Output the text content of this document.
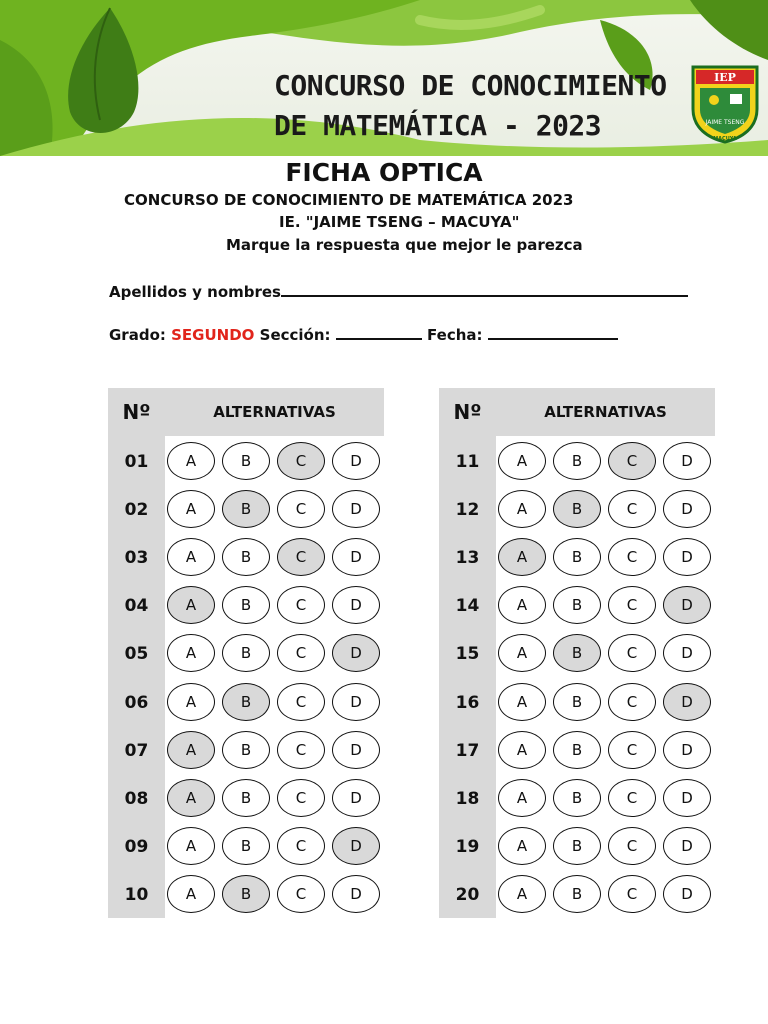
CONCURSO DE CONOCIMIENTO
DE MATEMÁTICA - 2023
IEP
JAIME TSENG
MACUYA
FICHA OPTICA
CONCURSO DE CONOCIMIENTO DE MATEMÁTICA 2023
IE. "JAIME TSENG – MACUYA"
Marque la respuesta que mejor le parezca
Apellidos y nombres
Grado: SEGUNDO Sección:	Fecha:
Nº	ALTERNATIVAS
01	A	B	C	D
02	A	B	C	D
03	A	B	C	D
04	A	B	C	D
05	A	B	C	D
06	A	B	C	D
07	A	B	C	D
08	A	B	C	D
09	A	B	C	D
10	A	B	C	D
Nº	ALTERNATIVAS
11	A	B	C	D
12	A	B	C	D
13	A	B	C	D
14	A	B	C	D
15	A	B	C	D
16	A	B	C	D
17	A	B	C	D
18	A	B	C	D
19	A	B	C	D
20	A	B	C	D
